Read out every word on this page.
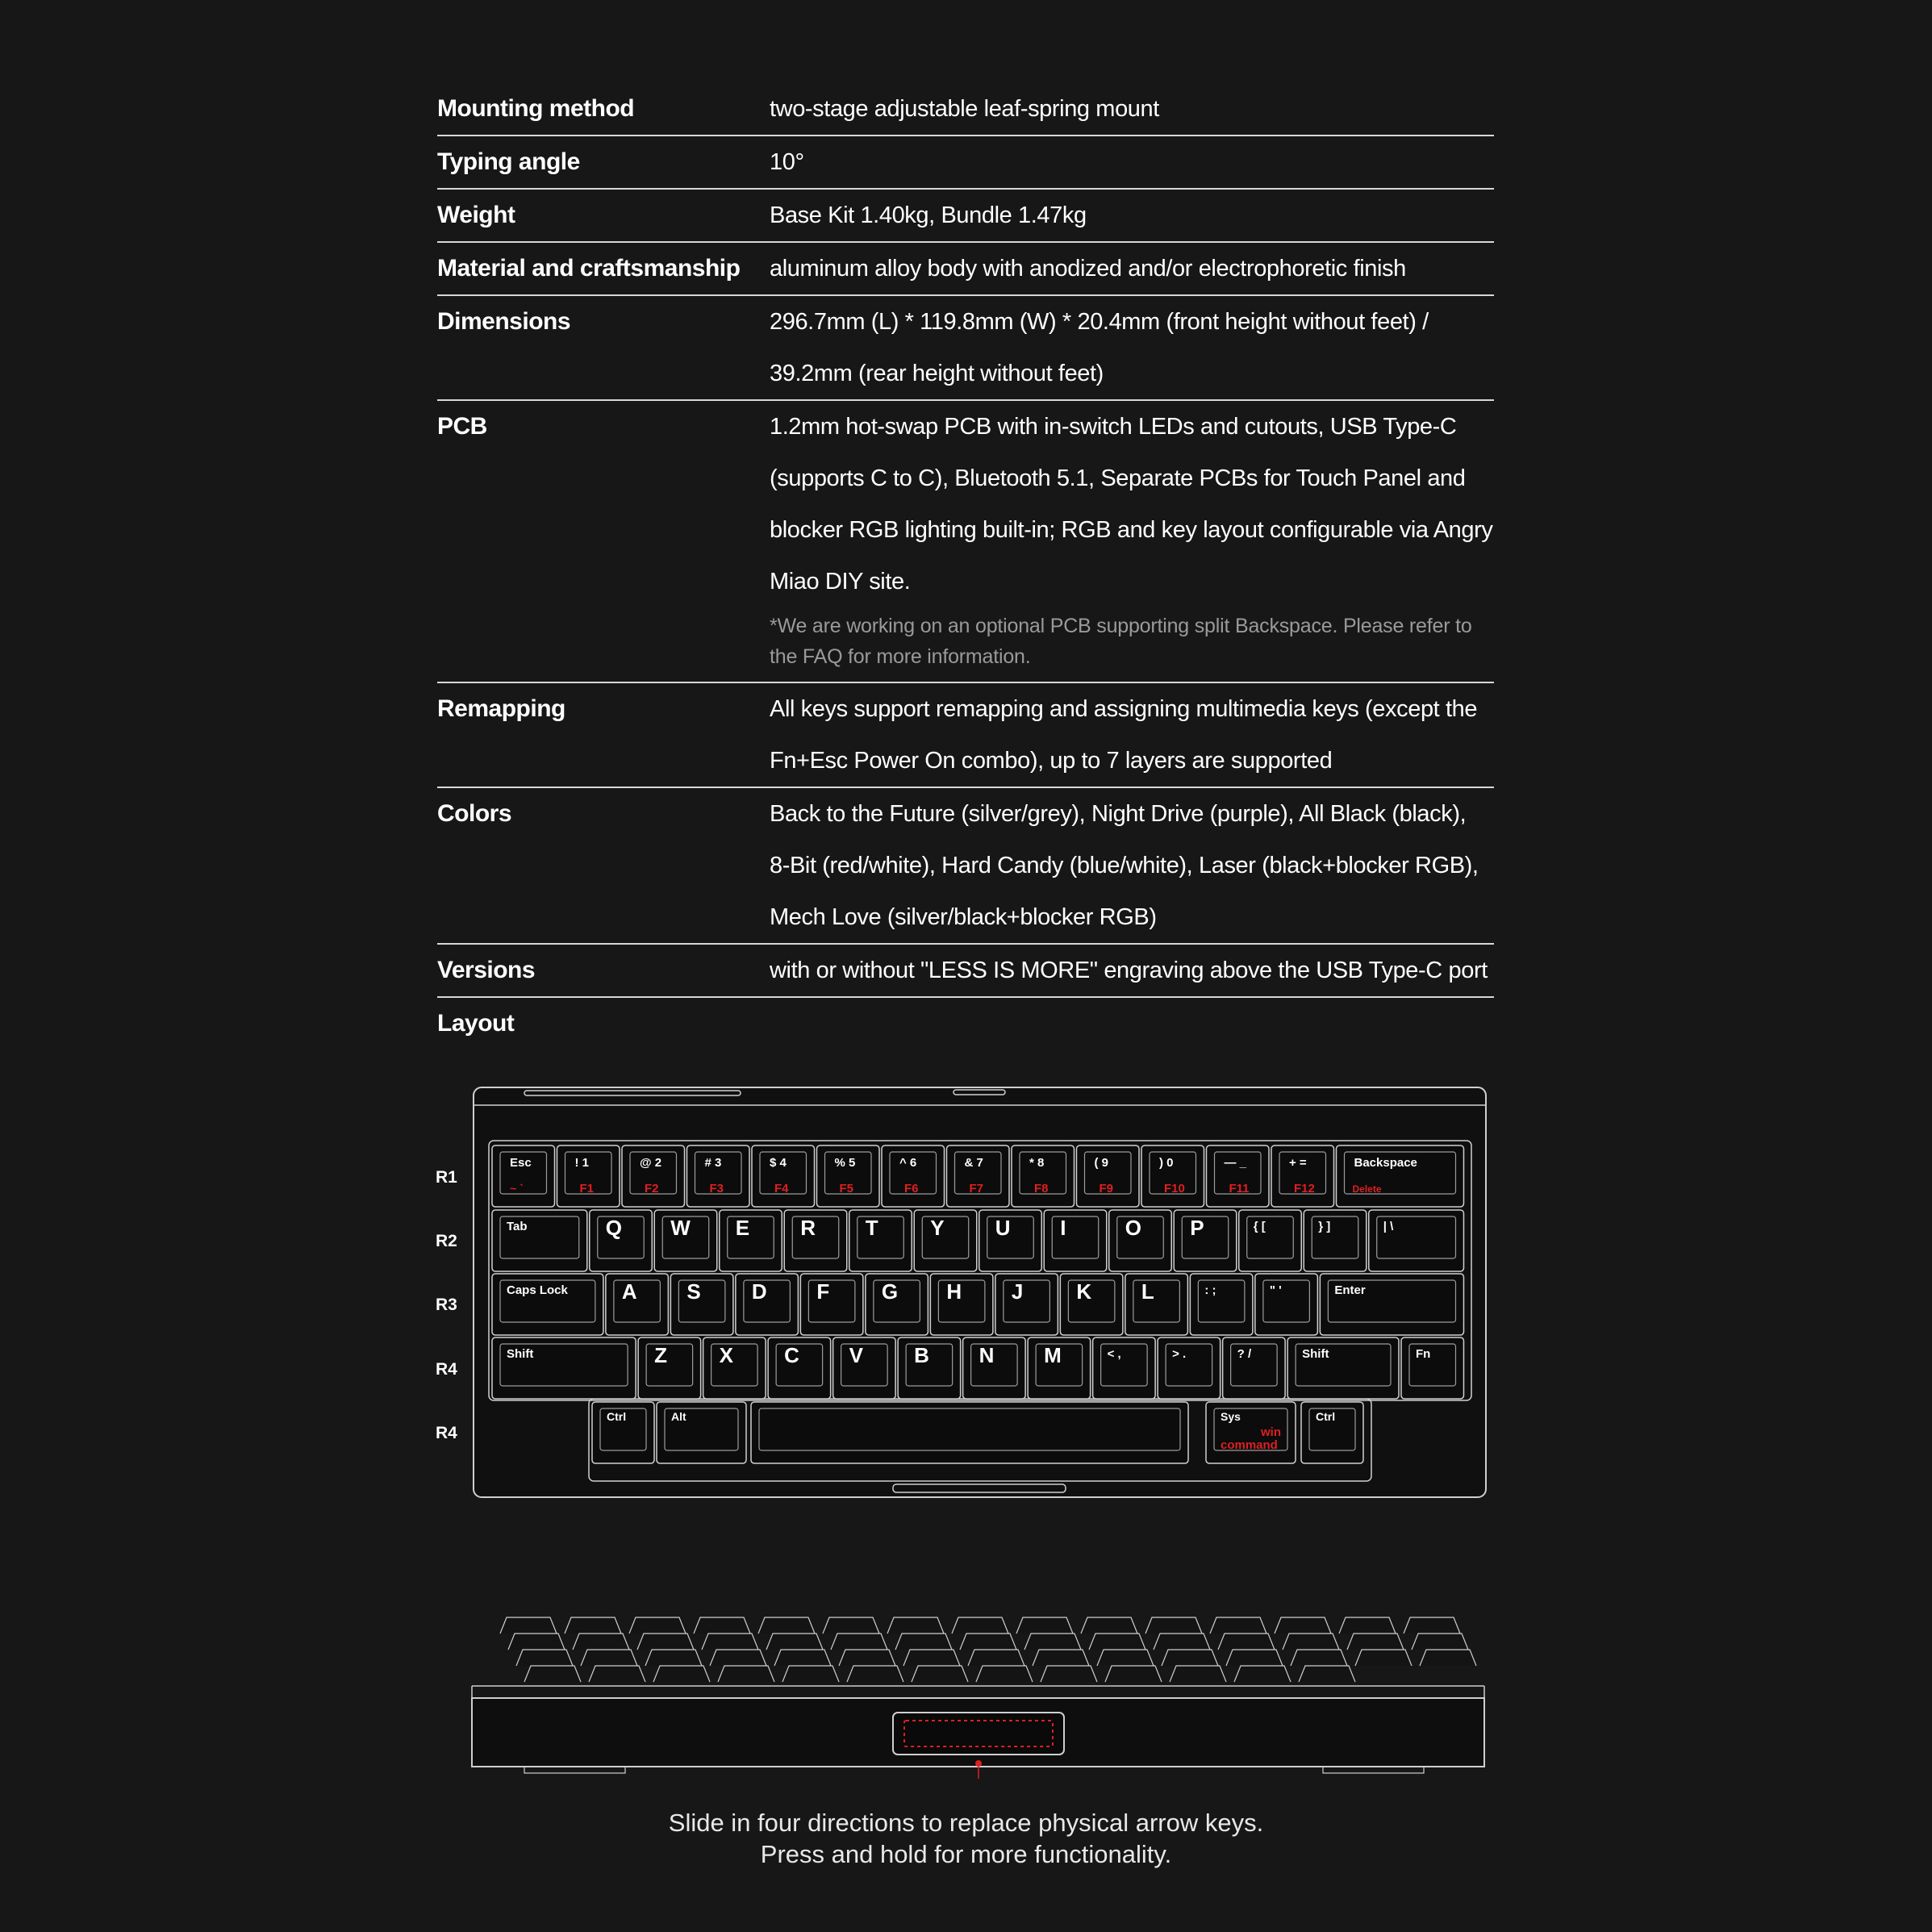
Mounting method	two-stage adjustable leaf-spring mount
Typing angle	10°
Weight	Base Kit 1.40kg, Bundle 1.47kg
Material and craftsmanship	aluminum alloy body with anodized and/or electrophoretic finish
Dimensions	296.7mm (L) * 119.8mm (W) * 20.4mm (front height without feet) /
39.2mm (rear height without feet)
PCB	1.2mm hot-swap PCB with in-switch LEDs and cutouts, USB Type-C
(supports C to C), Bluetooth 5.1, Separate PCBs for Touch Panel and
blocker RGB lighting built-in; RGB and key layout configurable via Angry
Miao DIY site.
*We are working on an optional PCB supporting split Backspace. Please refer to
the FAQ for more information.
Remapping	All keys support remapping and assigning multimedia keys (except the
Fn+Esc Power On combo), up to 7 layers are supported
Colors	Back to the Future (silver/grey), Night Drive (purple), All Black (black),
8-Bit (red/white), Hard Candy (blue/white), Laser (black+blocker RGB),
Mech Love (silver/black+blocker RGB)
Versions	with or without "LESS IS MORE" engraving above the USB Type-C port
Layout
R1
R2
R3
R4
R4
Esc
~ `
! 1
F1
@ 2
F2
# 3
F3
$ 4
F4
% 5
F5
^ 6
F6
& 7
F7
* 8
F8
( 9
F9
) 0
F10
— _
F11
+ =
F12
Backspace
Delete
Tab	Q W E R T Y U I	O P	{ [	} ]	| \
Caps Lock	A S D F G H J	K L	: ;	" '	Enter
Shift	Z X C V B N M	< ,	> .	? /	Shift	Fn
Ctrl	Alt	Sys
win
command
Ctrl
Slide in four directions to replace physical arrow keys.
Press and hold for more functionality.
